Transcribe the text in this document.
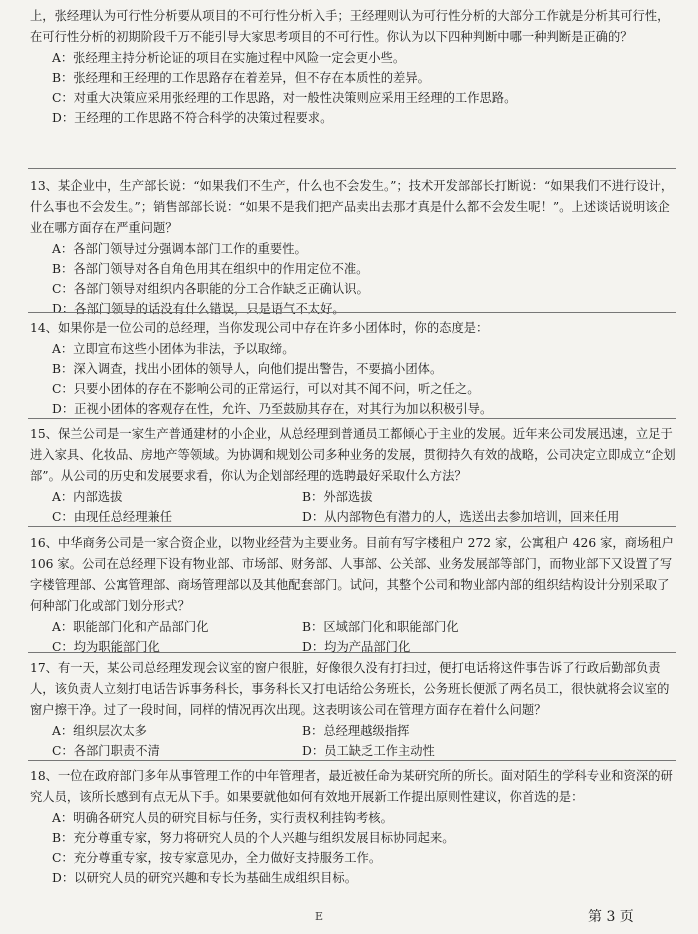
上，张经理认为可行性分析要从项目的不可行性分析入手；王经理则认为可行性分析的大部分工作就是分析其可行性，在可行性分析的初期阶段千万不能引导大家思考项目的不可行性。你认为以下四种判断中哪一种判断是正确的？

A：张经理主持分析论证的项目在实施过程中风险一定会更小些。

B：张经理和王经理的工作思路存在着差异，但不存在本质性的差异。

C：对重大决策应采用张经理的工作思路，对一般性决策则应采用王经理的工作思路。

D：王经理的工作思路不符合科学的决策过程要求。

13、某企业中，生产部长说：“如果我们不生产，什么也不会发生。”；技术开发部部长打断说：“如果我们不进行设计，什么事也不会发生。”；销售部部长说：“如果不是我们把产品卖出去那才真是什么都不会发生呢！”。上述谈话说明该企业在哪方面存在严重问题？

A：各部门领导过分强调本部门工作的重要性。

B：各部门领导对各自角色用其在组织中的作用定位不准。

C：各部门领导对组织内各职能的分工合作缺乏正确认识。

D：各部门领导的话没有什么错误，只是语气不太好。

14、如果你是一位公司的总经理，当你发现公司中存在许多小团体时，你的态度是：

A：立即宣布这些小团体为非法，予以取缔。

B：深入调查，找出小团体的领导人，向他们提出警告，不要搞小团体。

C：只要小团体的存在不影响公司的正常运行，可以对其不闻不问，听之任之。

D：正视小团体的客观存在性，允许、乃至鼓励其存在，对其行为加以积极引导。

15、保兰公司是一家生产普通建材的小企业，从总经理到普通员工都倾心于主业的发展。近年来公司发展迅速，立足于进入家具、化妆品、房地产等领域。为协调和规划公司多种业务的发展，贯彻持久有效的战略，公司决定立即成立“企划部”。从公司的历史和发展要求看，你认为企划部经理的选聘最好采取什么方法？

A：内部选拔	B：外部选拔
C：由现任总经理兼任	D：从内部物色有潜力的人，选送出去参加培训，回来任用

16、中华商务公司是一家合资企业，以物业经营为主要业务。目前有写字楼租户 272 家，公寓租户 426 家，商场租户 106 家。公司在总经理下设有物业部、市场部、财务部、人事部、公关部、业务发展部等部门，而物业部下又设置了写字楼管理部、公寓管理部、商场管理部以及其他配套部门。试问，其整个公司和物业部内部的组织结构设计分别采取了何种部门化或部门划分形式？

A：职能部门化和产品部门化	B：区域部门化和职能部门化
C：均为职能部门化	D：均为产品部门化

17、有一天，某公司总经理发现会议室的窗户很脏，好像很久没有打扫过，便打电话将这件事告诉了行政后勤部负责人，该负责人立刻打电话告诉事务科长，事务科长又打电话给公务班长，公务班长便派了两名员工，很快就将会议室的窗户擦干净。过了一段时间，同样的情况再次出现。这表明该公司在管理方面存在着什么问题？

A：组织层次太多	B：总经理越级指挥
C：各部门职责不清	D：员工缺乏工作主动性

18、一位在政府部门多年从事管理工作的中年管理者，最近被任命为某研究所的所长。面对陌生的学科专业和资深的研究人员，该所长感到有点无从下手。如果要就他如何有效地开展新工作提出原则性建议，你首选的是：

A：明确各研究人员的研究目标与任务，实行责权利挂钩考核。

B：充分尊重专家，努力将研究人员的个人兴趣与组织发展目标协同起来。

C：充分尊重专家，按专家意见办，全力做好支持服务工作。

D：以研究人员的研究兴趣和专长为基础生成组织目标。

E	第 3 页
